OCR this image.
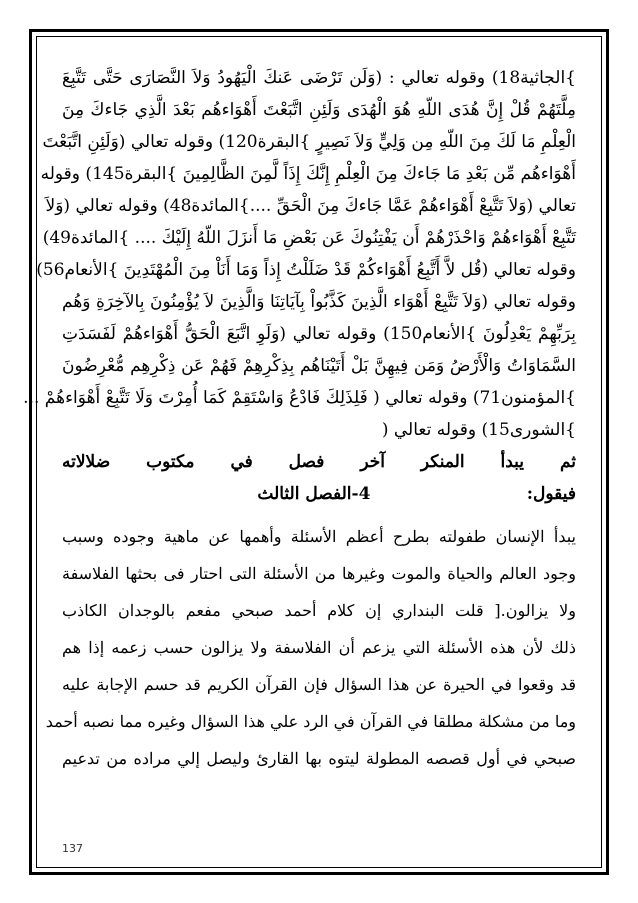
}الجاثية18) وقوله تعالي : (وَلَن تَرْضَى عَنكَ الْيَهُودُ وَلاَ النَّصَارَى حَتَّى تَتَّبِعَ
مِلَّتَهُمْ قُلْ إِنَّ هُدَى اللّهِ هُوَ الْهُدَى وَلَئِنِ اتَّبَعْتَ أَهْوَاءهُم بَعْدَ الَّذِي جَاءكَ مِنَ
الْعِلْمِ مَا لَكَ مِنَ اللّهِ مِن وَلِيٍّ وَلاَ نَصِيرٍ }البقرة120) وقوله تعالي (وَلَئِنِ اتَّبَعْتَ
أَهْوَاءهُم مِّن بَعْدِ مَا جَاءكَ مِنَ الْعِلْمِ إِنَّكَ إِذَاً لَّمِنَ الظَّالِمِينَ }البقرة145) وقوله
تعالي (وَلاَ تَتَّبِعْ أَهْوَاءهُمْ عَمَّا جَاءكَ مِنَ الْحَقِّ ....}المائدة48) وقوله تعالي (وَلاَ
تَتَّبِعْ أَهْوَاءهُمْ وَاحْذَرْهُمْ أَن يَفْتِنُوكَ عَن بَعْضِ مَا أَنزَلَ اللّهُ إِلَيْكَ .... }المائدة49)
وقوله تعالي (قُل لاَّ أَتَّبِعُ أَهْوَاءكُمْ قَدْ ضَلَلْتُ إِذاً وَمَا أَنَاْ مِنَ الْمُهْتَدِينَ }الأنعام56)
وقوله تعالي (وَلاَ تَتَّبِعْ أَهْوَاء الَّذِينَ كَذَّبُواْ بِآيَاتِنَا وَالَّذِينَ لاَ يُؤْمِنُونَ بِالآخِرَةِ وَهُم
بِرَبِّهِمْ يَعْدِلُونَ }الأنعام150) وقوله تعالي (وَلَوِ اتَّبَعَ الْحَقُّ أَهْوَاءهُمْ لَفَسَدَتِ
السَّمَاوَاتُ وَالْأَرْضُ وَمَن فِيهِنَّ بَلْ أَتَيْنَاهُم بِذِكْرِهِمْ فَهُمْ عَن ذِكْرِهِم مُّعْرِضُونَ
}المؤمنون71) وقوله تعالي ( فَلِذَلِكَ فَادْعُ وَاسْتَقِمْ كَمَا أُمِرْتَ وَلَا تَتَّبِعْ أَهْوَاءهُمْ ...
}الشورى15) وقوله تعالي (
ثم
يبدأ
المنكر
آخر
فصل
في
مكتوب
ضلالاته
فيقول:
4-الفصل الثالث
يبدأ الإنسان طفولته بطرح أعظم الأسئلة وأهمها عن ماهية وجوده وسبب
وجود العالم والحياة والموت وغيرها من الأسئلة التى احتار فى بحثها الفلاسفة
ولا يزالون.[ قلت البنداري إن كلام أحمد صبحي مفعم بالوجدان الكاذب
ذلك لأن هذه الأسئلة التي يزعم أن الفلاسفة ولا يزالون حسب زعمه إذا هم
قد وقعوا في الحيرة عن هذا السؤال فإن القرآن الكريم قد حسم الإجابة عليه
وما من مشكلة مطلقا في القرآن في الرد علي هذا السؤال وغيره مما نصبه أحمد
صبحي في أول قصصه المطولة ليتوه بها القارئ وليصل إلي مراده من تدعيم
137
